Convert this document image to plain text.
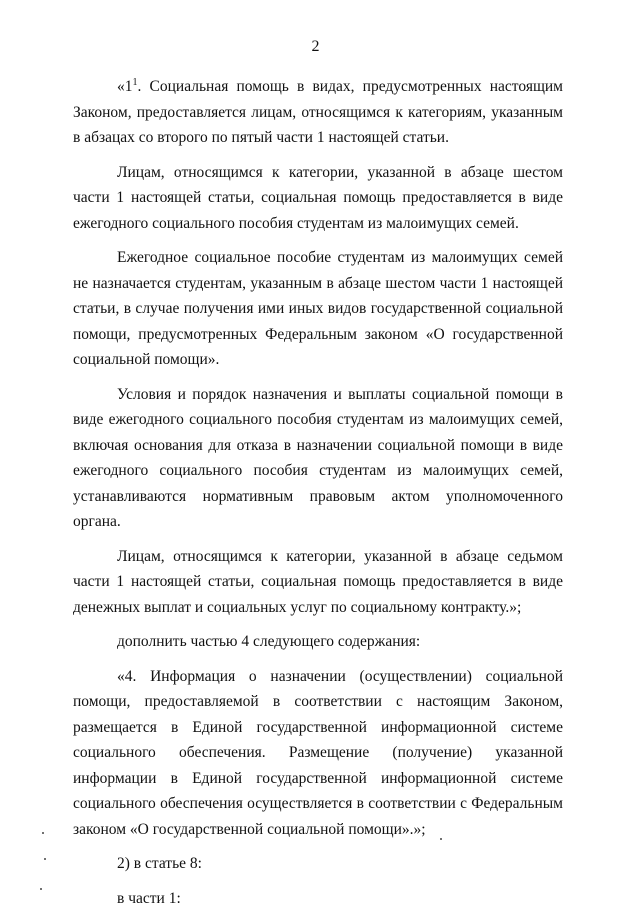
2

«$1^1$. Социальная помощь в видах, предусмотренных настоящим Законом, предоставляется лицам, относящимся к категориям, указанным в абзацах со второго по пятый части 1 настоящей статьи.

Лицам, относящимся к категории, указанной в абзаце шестом части 1 настоящей статьи, социальная помощь предоставляется в виде ежегодного социального пособия студентам из малоимущих семей.

Ежегодное социальное пособие студентам из малоимущих семей не назначается студентам, указанным в абзаце шестом части 1 настоящей статьи, в случае получения ими иных видов государственной социальной помощи, предусмотренных Федеральным законом «О государственной социальной помощи».

Условия и порядок назначения и выплаты социальной помощи в виде ежегодного социального пособия студентам из малоимущих семей, включая основания для отказа в назначении социальной помощи в виде ежегодного социального пособия студентам из малоимущих семей, устанавливаются нормативным правовым актом уполномоченного органа.

Лицам, относящимся к категории, указанной в абзаце седьмом части 1 настоящей статьи, социальная помощь предоставляется в виде денежных выплат и социальных услуг по социальному контракту.»;

дополнить частью 4 следующего содержания:

«4. Информация о назначении (осуществлении) социальной помощи, предоставляемой в соответствии с настоящим Законом, размещается в Единой государственной информационной системе социального обеспечения. Размещение (получение) указанной информации в Единой государственной информационной системе социального обеспечения осуществляется в соответствии с Федеральным законом «О государственной социальной помощи».»;

2) в статье 8:

в части 1:
